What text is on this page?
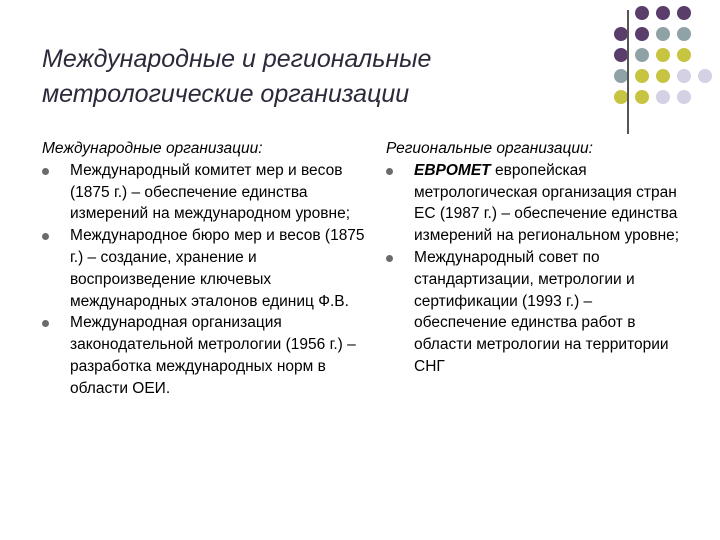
Международные и региональные
метрологические организации

Международные организации:

Международный комитет мер и весов (1875 г.) – обеспечение единства измерений на международном уровне;
Международное бюро мер и весов (1875 г.) – создание, хранение и воспроизведение ключевых международных эталонов единиц Ф.В.
Международная организация законодательной метрологии (1956 г.) – разработка международных норм в области ОЕИ.

Региональные организации:

ЕВРОМЕТ европейская метрологическая организация стран ЕС (1987 г.) – обеспечение единства измерений на региональном уровне;
Международный совет по стандартизации, метрологии и сертификации (1993 г.) – обеспечение единства работ в области метрологии на территории СНГ
